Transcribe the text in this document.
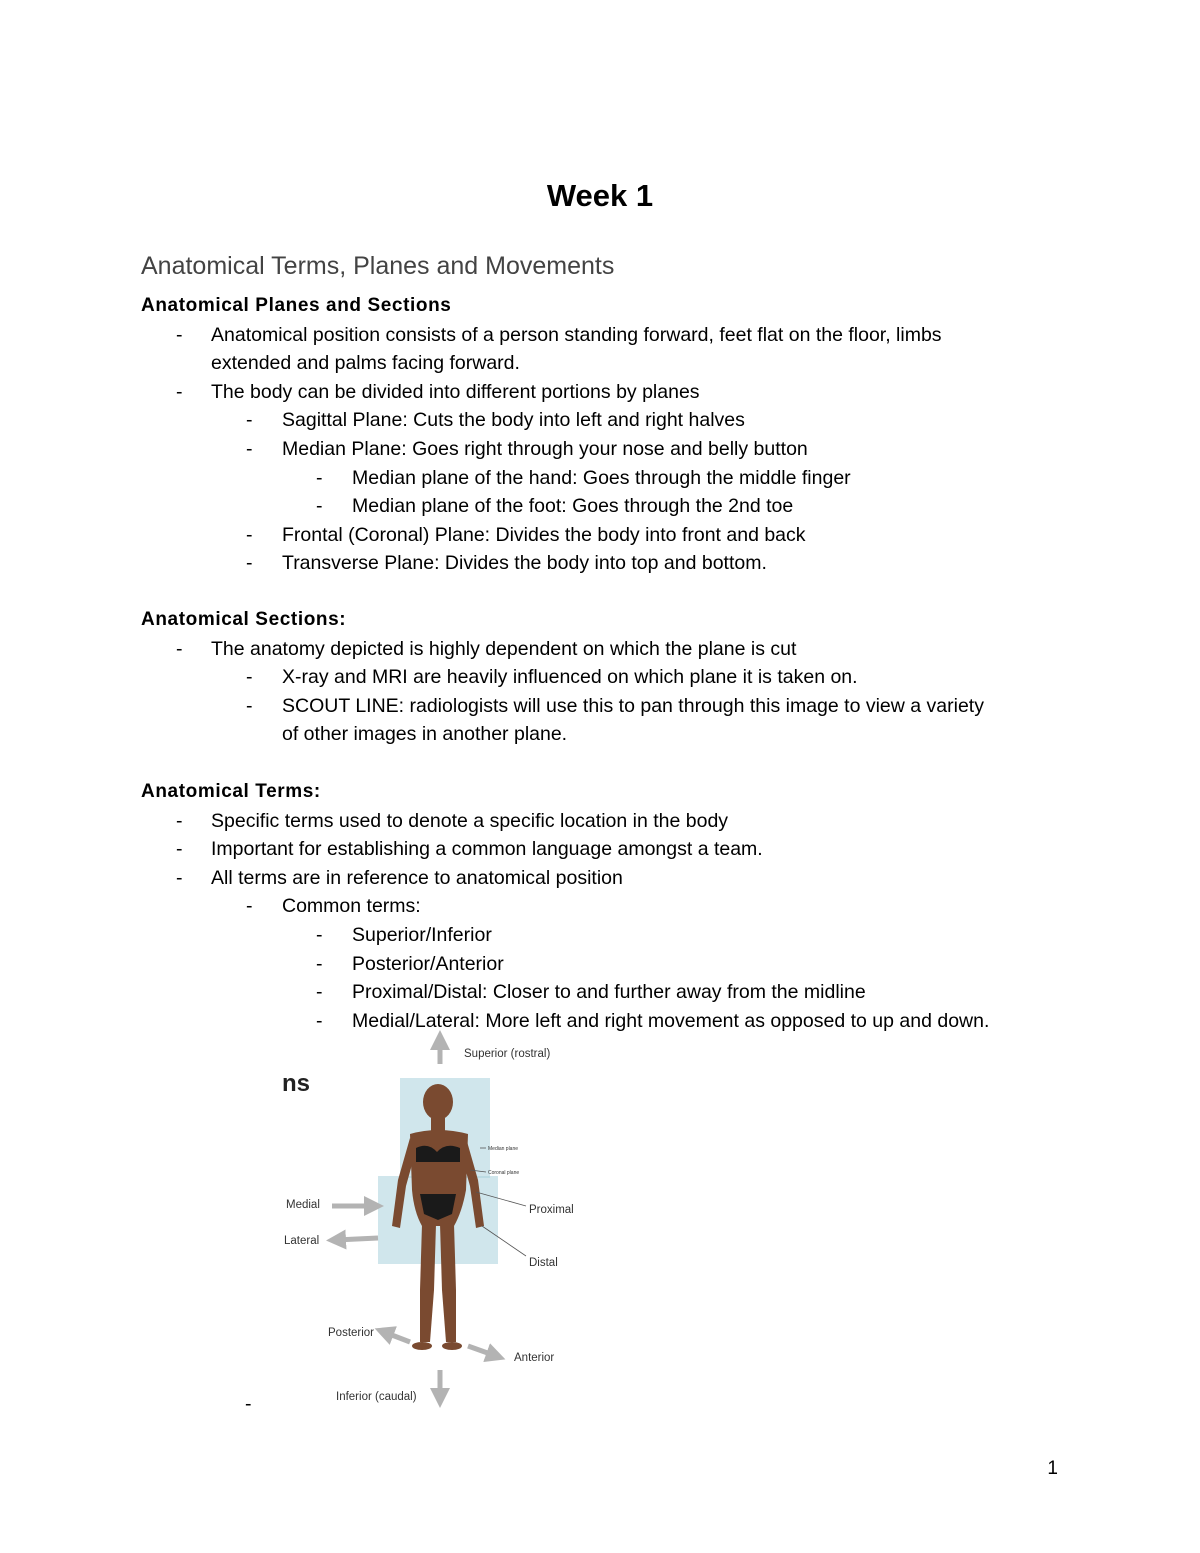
Week 1
Anatomical Terms, Planes and Movements
Anatomical Planes and Sections
- Anatomical position consists of a person standing forward, feet flat on the floor, limbs
extended and palms facing forward.
- The body can be divided into different portions by planes
- Sagittal Plane: Cuts the body into left and right halves
- Median Plane: Goes right through your nose and belly button
- Median plane of the hand: Goes through the middle finger
- Median plane of the foot: Goes through the 2nd toe
- Frontal (Coronal) Plane: Divides the body into front and back
- Transverse Plane: Divides the body into top and bottom.
Anatomical Sections:
- The anatomy depicted is highly dependent on which the plane is cut
- X-ray and MRI are heavily influenced on which plane it is taken on.
- SCOUT LINE: radiologists will use this to pan through this image to view a variety
of other images in another plane.
Anatomical Terms:
- Specific terms used to denote a specific location in the body
- Important for establishing a common language amongst a team.
- All terms are in reference to anatomical position
- Common terms:
- Superior/Inferior
- Posterior/Anterior
- Proximal/Distal: Closer to and further away from the midline
- Medial/Lateral: More left and right movement as opposed to up and down.
ns
Superior (rostral)
Inferior (caudal)
Medial
Lateral
Proximal
Distal
Posterior
Anterior
Median plane
Coronal plane
-
1
